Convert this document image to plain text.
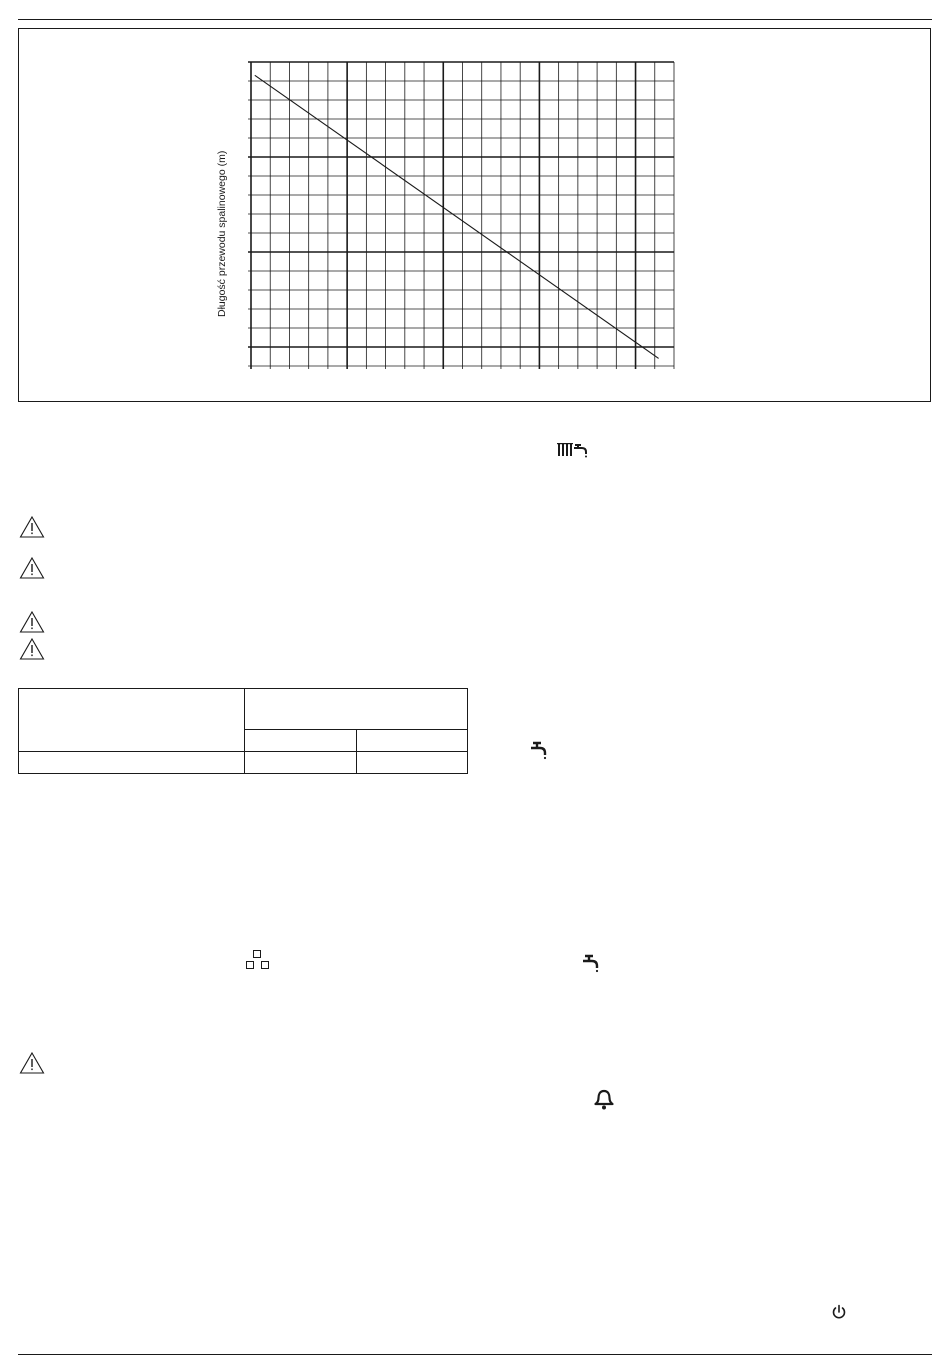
Długość przewodu spalinowego (m)
